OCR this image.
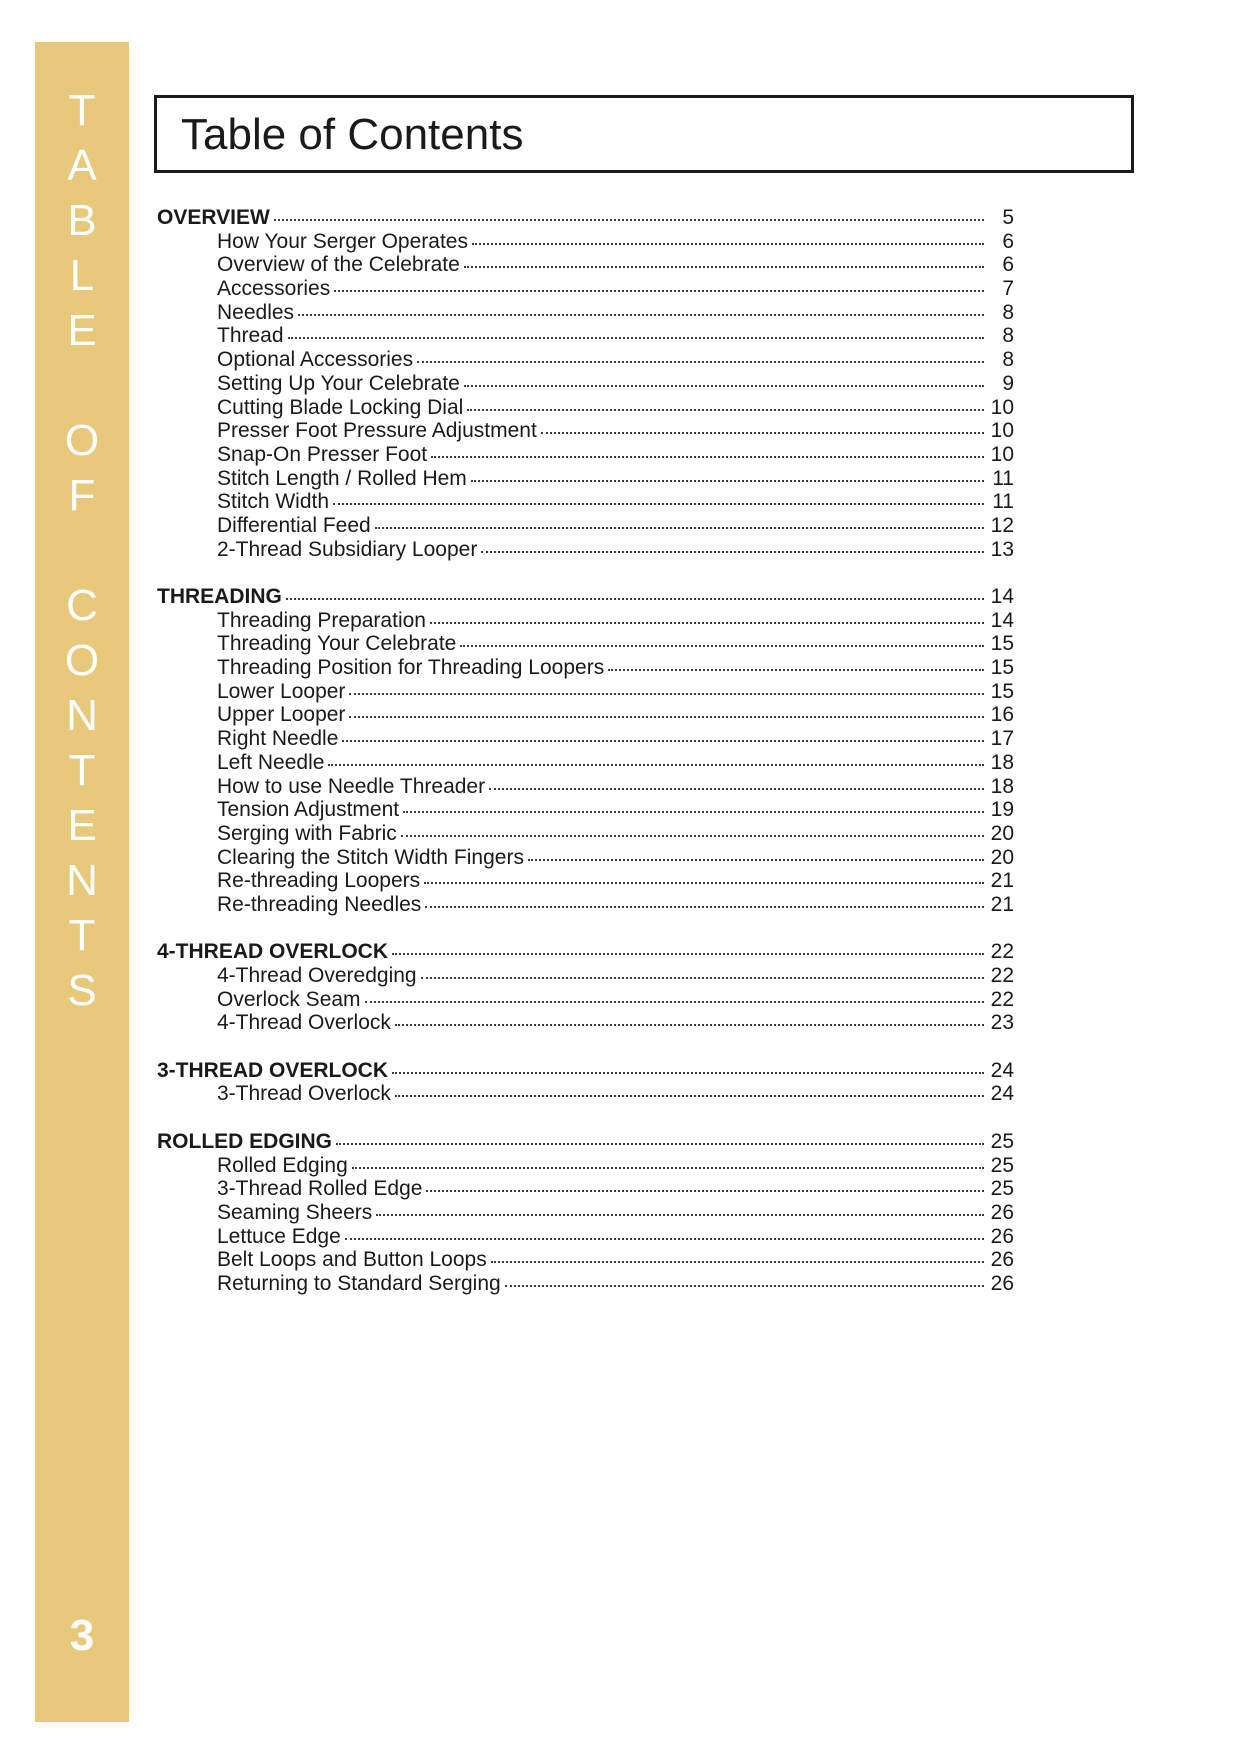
T
A
B
L
E
O
F
C
O
N
T
E
N
T
S
3
Table of Contents
OVERVIEW	5
How Your Serger Operates	6
Overview of the Celebrate	6
Accessories	7
Needles	8
Thread	8
Optional Accessories	8
Setting Up Your Celebrate	9
Cutting Blade Locking Dial	10
Presser Foot Pressure Adjustment	10
Snap-On Presser Foot	10
Stitch Length / Rolled Hem	11
Stitch Width	11
Differential Feed	12
2-Thread Subsidiary Looper	13
THREADING	14
Threading Preparation	14
Threading Your Celebrate	15
Threading Position for Threading Loopers	15
Lower Looper	15
Upper Looper	16
Right Needle	17
Left Needle	18
How to use Needle Threader	18
Tension Adjustment	19
Serging with Fabric	20
Clearing the Stitch Width Fingers	20
Re-threading Loopers	21
Re-threading Needles	21
4-THREAD OVERLOCK	22
4-Thread Overedging	22
Overlock Seam	22
4-Thread Overlock	23
3-THREAD OVERLOCK	24
3-Thread Overlock	24
ROLLED EDGING	25
Rolled Edging	25
3-Thread Rolled Edge	25
Seaming Sheers	26
Lettuce Edge	26
Belt Loops and Button Loops	26
Returning to Standard Serging	26
